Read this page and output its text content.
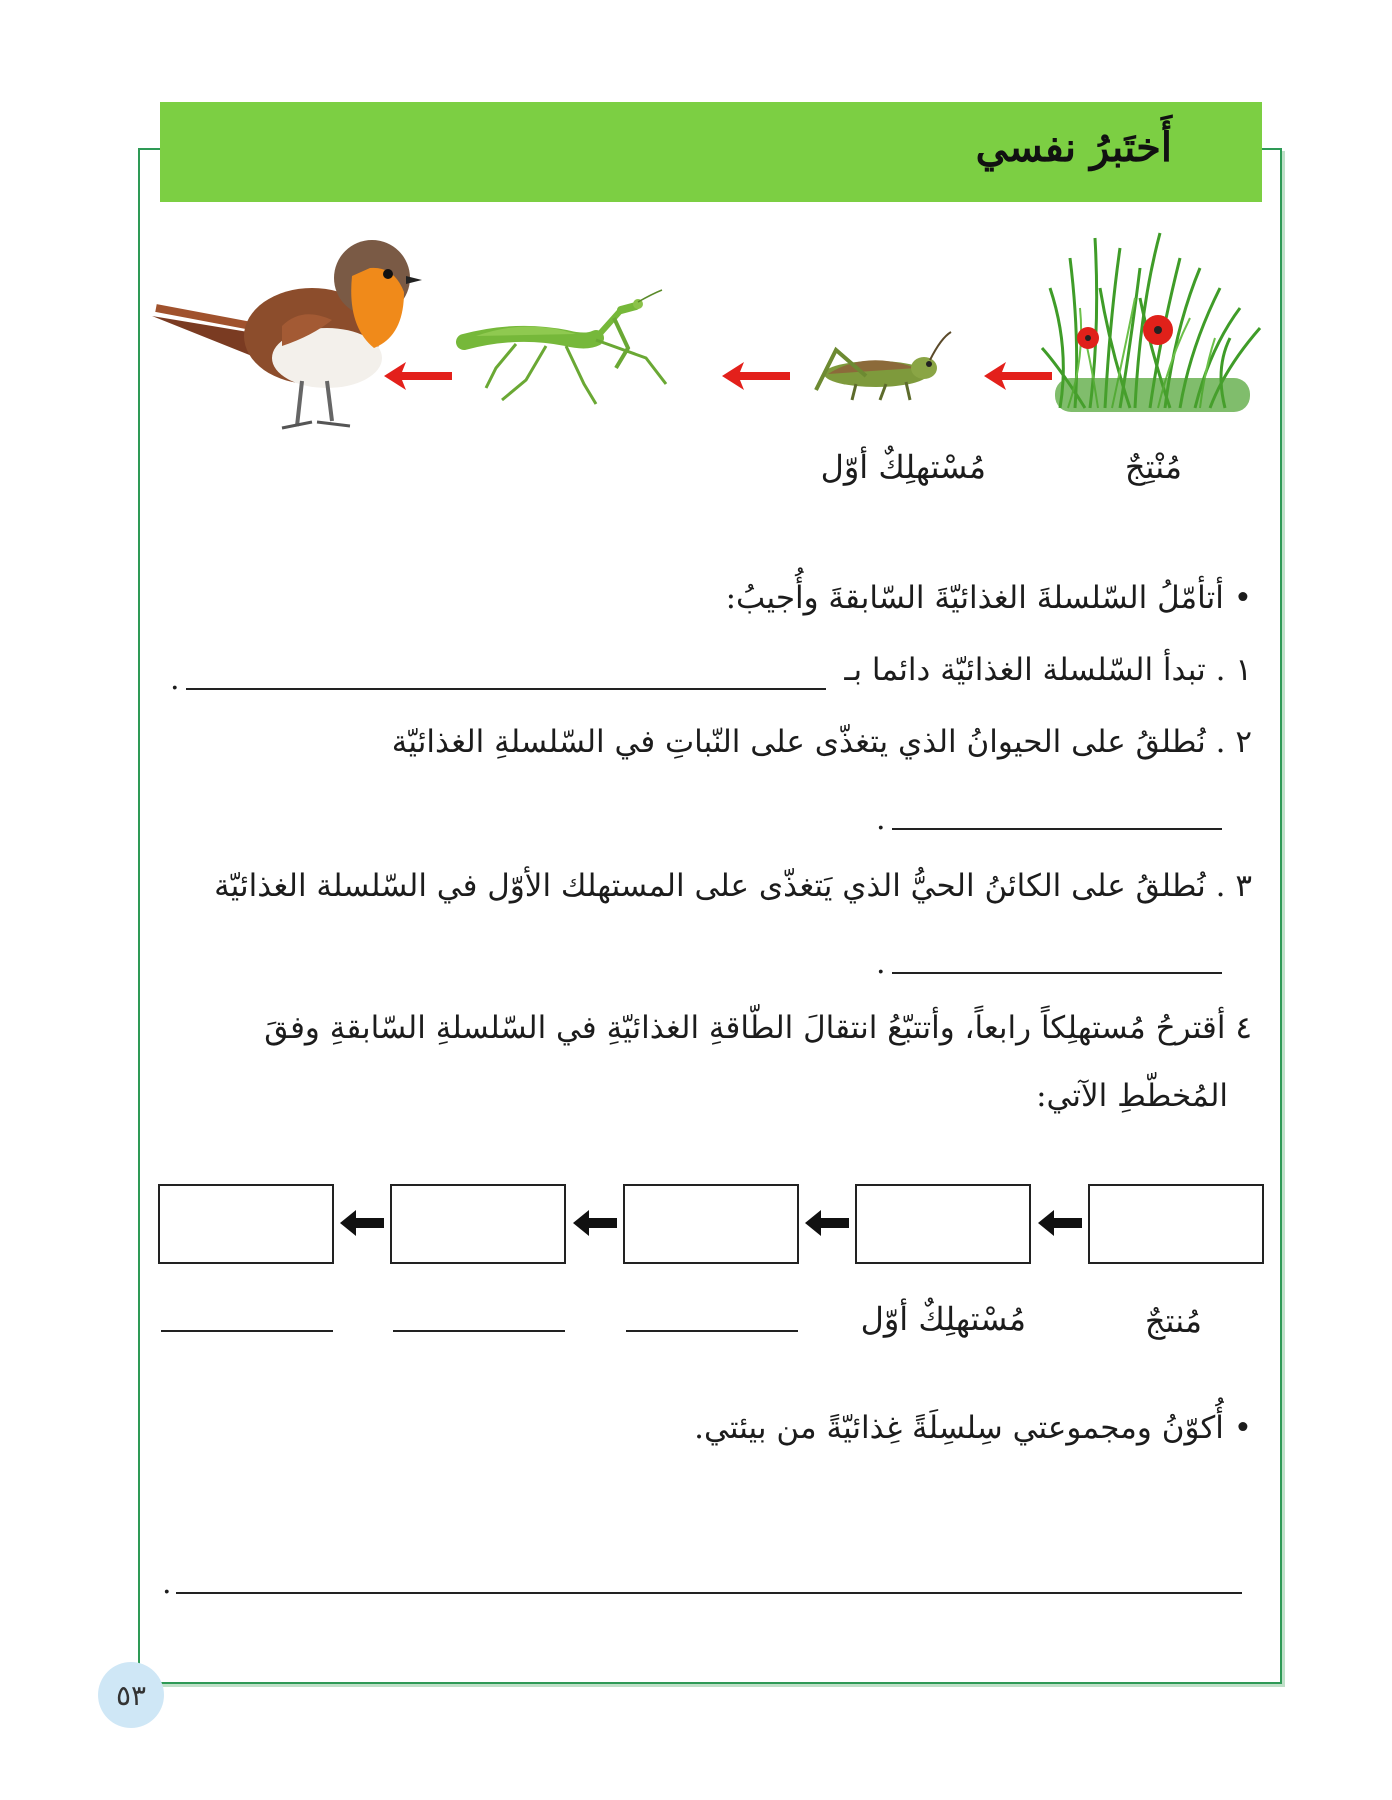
أَختَبرُ نفسي
مُنْتِجٌ
مُسْتهلِكٌ أوّل
• أتأمّلُ السّلسلةَ الغذائيّةَ السّابقةَ وأُجيبُ:
١ . تبدأ السّلسلة الغذائيّة دائما بـ
.
٢ . نُطلقُ على الحيوانُ الذي يتغذّى على النّباتِ في السّلسلةِ الغذائيّة
.
٣ . نُطلقُ على الكائنُ الحيُّ الذي يَتغذّى على المستهلك الأوّل في السّلسلة الغذائيّة
.
٤ أقترحُ مُستهلِكاً رابعاً، وأتتبّعُ انتقالَ الطّاقةِ الغذائيّةِ في السّلسلةِ السّابقةِ وفقَ
المُخطّطِ الآتي:
مُنتجٌ
مُسْتهلِكٌ أوّل
• أُكوّنُ ومجموعتي سِلسِلَةً غِذائيّةً من بيئتي.
.
٥٣
